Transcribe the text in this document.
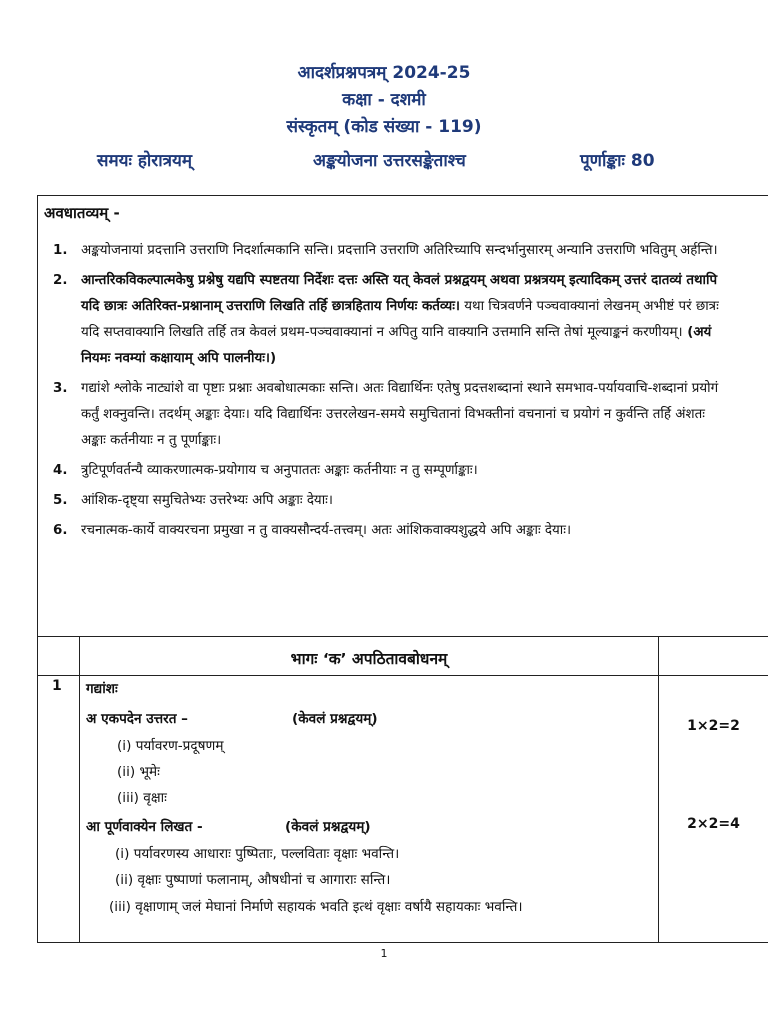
आदर्शप्रश्नपत्रम् 2024-25
कक्षा - दशमी
संस्कृतम् (कोड संख्या - 119)
समयः होरात्रयम्	अङ्कयोजना उत्तरसङ्केताश्च	पूर्णाङ्काः 80
अवधातव्यम् -
1. अङ्कयोजनायां प्रदत्तानि उत्तराणि निदर्शात्मकानि सन्ति। प्रदत्तानि उत्तराणि अतिरिच्यापि सन्दर्भानुसारम् अन्यानि उत्तराणि भवितुम् अर्हन्ति।
2. आन्तरिकविकल्पात्मकेषु प्रश्नेषु यद्यपि स्पष्टतया निर्देशः दत्तः अस्ति यत् केवलं प्रश्नद्वयम् अथवा प्रश्नत्रयम् इत्यादिकम् उत्तरं दातव्यं तथापि यदि छात्रः अतिरिक्त-प्रश्नानाम् उत्तराणि लिखति तर्हि छात्रहिताय निर्णयः कर्तव्यः। यथा चित्रवर्णने पञ्चवाक्यानां लेखनम् अभीष्टं परं छात्रः यदि सप्तवाक्यानि लिखति तर्हि तत्र केवलं प्रथम-पञ्चवाक्यानां न अपितु यानि वाक्यानि उत्तमानि सन्ति तेषां मूल्याङ्कनं करणीयम्। (अयं नियमः नवम्यां कक्षायाम् अपि पालनीयः।)
3. गद्यांशे श्लोके नाट्यांशे वा पृष्टाः प्रश्नाः अवबोधात्मकाः सन्ति। अतः विद्यार्थिनः एतेषु प्रदत्तशब्दानां स्थाने समभाव-पर्यायवाचि-शब्दानां प्रयोगं कर्तुं शक्नुवन्ति। तदर्थम् अङ्काः देयाः। यदि विद्यार्थिनः उत्तरलेखन-समये समुचितानां विभक्तीनां वचनानां च प्रयोगं न कुर्वन्ति तर्हि अंशतः अङ्काः कर्तनीयाः न तु पूर्णाङ्काः।
4. त्रुटिपूर्णवर्तन्यै व्याकरणात्मक-प्रयोगाय च अनुपाततः अङ्काः कर्तनीयाः न तु सम्पूर्णाङ्काः।
5. आंशिक-दृष्ट्या समुचितेभ्यः उत्तरेभ्यः अपि अङ्काः देयाः।
6. रचनात्मक-कार्ये वाक्यरचना प्रमुखा न तु वाक्यसौन्दर्य-तत्त्वम्। अतः आंशिकवाक्यशुद्धये अपि अङ्काः देयाः।
भागः ‘क’ अपठितावबोधनम्
1 गद्यांशः
अ एकपदेन उत्तरत –	(केवलं प्रश्नद्वयम्)	1×2=2
(i) पर्यावरण-प्रदूषणम्
(ii) भूमेः
(iii) वृक्षाः
आ पूर्णवाक्येन लिखत -	(केवलं प्रश्नद्वयम्)	2×2=4
(i) पर्यावरणस्य आधाराः पुष्पिताः, पल्लविताः वृक्षाः भवन्ति।
(ii) वृक्षाः पुष्पाणां फलानाम्, औषधीनां च आगाराः सन्ति।
(iii) वृक्षाणाम् जलं मेघानां निर्माणे सहायकं भवति इत्थं वृक्षाः वर्षायै सहायकाः भवन्ति।
1
